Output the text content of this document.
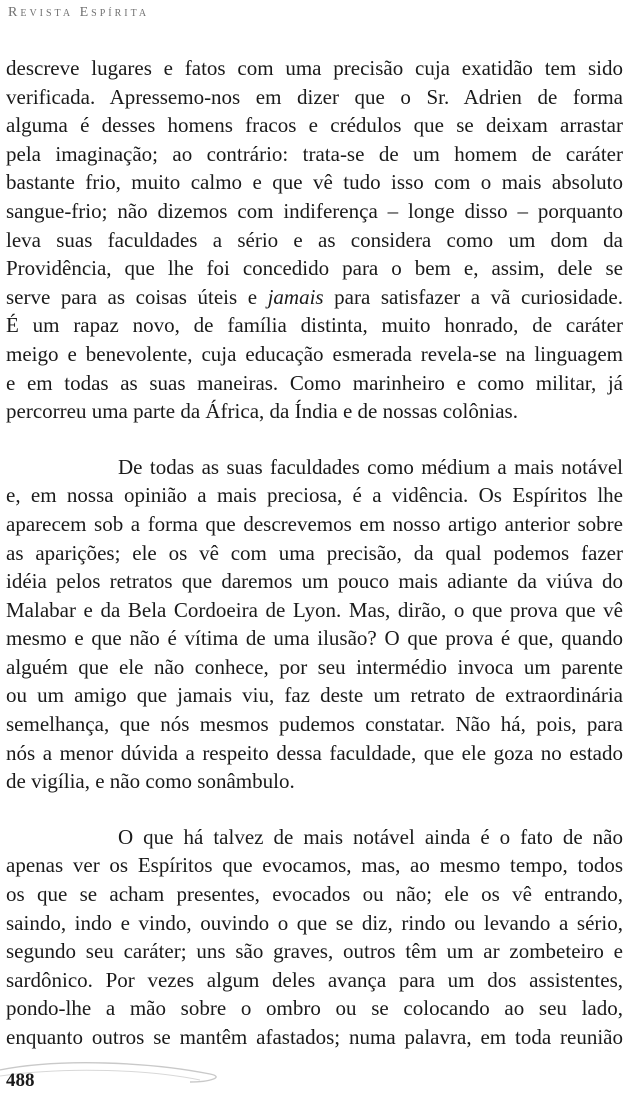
Revista Espírita
descreve lugares e fatos com uma precisão cuja exatidão tem sido
verificada. Apressemo-nos em dizer que o Sr. Adrien de forma
alguma é desses homens fracos e crédulos que se deixam arrastar
pela imaginação; ao contrário: trata-se de um homem de caráter
bastante frio, muito calmo e que vê tudo isso com o mais absoluto
sangue-frio; não dizemos com indiferença – longe disso – porquanto
leva suas faculdades a sério e as considera como um dom da
Providência, que lhe foi concedido para o bem e, assim, dele se
serve para as coisas úteis e jamais para satisfazer a vã curiosidade.
É um rapaz novo, de família distinta, muito honrado, de caráter
meigo e benevolente, cuja educação esmerada revela-se na linguagem
e em todas as suas maneiras. Como marinheiro e como militar, já
percorreu uma parte da África, da Índia e de nossas colônias.
De todas as suas faculdades como médium a mais notável
e, em nossa opinião a mais preciosa, é a vidência. Os Espíritos lhe
aparecem sob a forma que descrevemos em nosso artigo anterior sobre
as aparições; ele os vê com uma precisão, da qual podemos fazer
idéia pelos retratos que daremos um pouco mais adiante da viúva do
Malabar e da Bela Cordoeira de Lyon. Mas, dirão, o que prova que vê
mesmo e que não é vítima de uma ilusão? O que prova é que, quando
alguém que ele não conhece, por seu intermédio invoca um parente
ou um amigo que jamais viu, faz deste um retrato de extraordinária
semelhança, que nós mesmos pudemos constatar. Não há, pois, para
nós a menor dúvida a respeito dessa faculdade, que ele goza no estado
de vigília, e não como sonâmbulo.
O que há talvez de mais notável ainda é o fato de não
apenas ver os Espíritos que evocamos, mas, ao mesmo tempo, todos
os que se acham presentes, evocados ou não; ele os vê entrando,
saindo, indo e vindo, ouvindo o que se diz, rindo ou levando a sério,
segundo seu caráter; uns são graves, outros têm um ar zombeteiro e
sardônico. Por vezes algum deles avança para um dos assistentes,
pondo-lhe a mão sobre o ombro ou se colocando ao seu lado,
enquanto outros se mantêm afastados; numa palavra, em toda reunião
488
